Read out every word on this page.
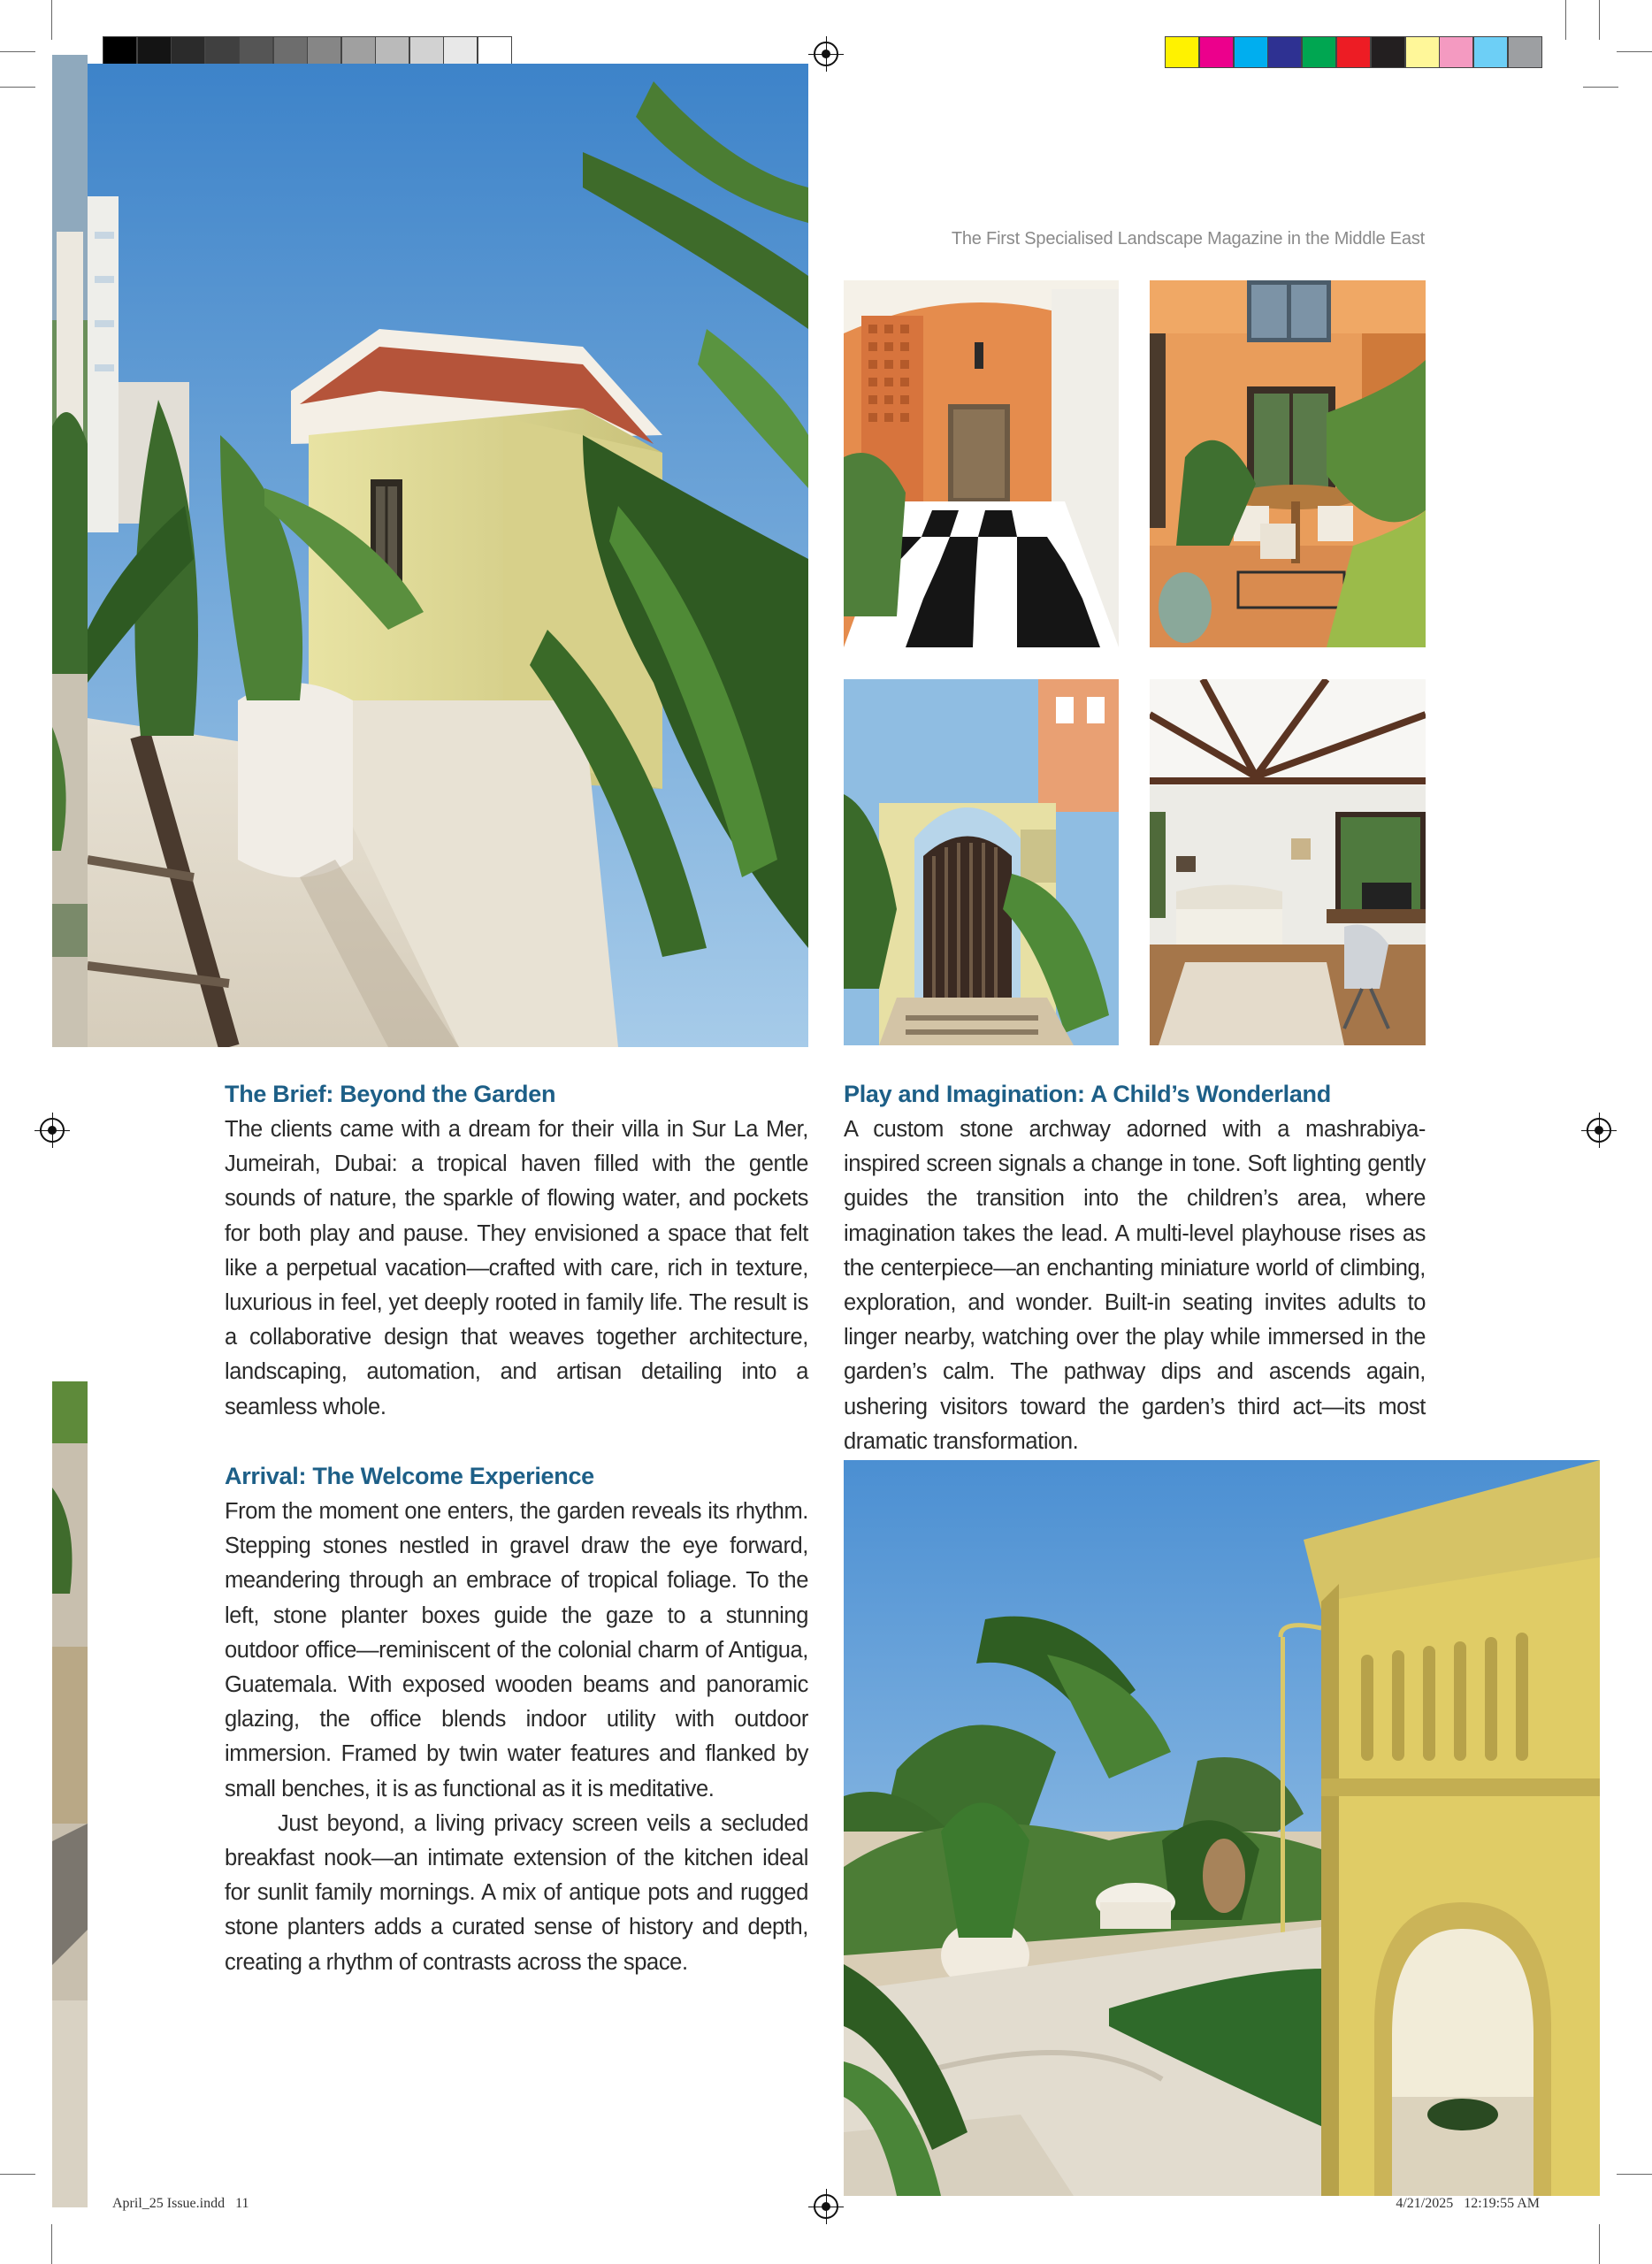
The First Specialised Landscape Magazine in the Middle East
The Brief: Beyond the Garden

The clients came with a dream for their villa in Sur La Mer, Jumeirah, Dubai: a tropical haven filled with the gentle sounds of nature, the sparkle of flowing water, and pockets for both play and pause. They envisioned a space that felt like a perpetual vacation—crafted with care, rich in texture, luxurious in feel, yet deeply rooted in family life. The result is a collaborative design that weaves together architecture, landscaping, automation, and artisan detailing into a seamless whole.

Arrival: The Welcome Experience

From the moment one enters, the garden reveals its rhythm. Stepping stones nestled in gravel draw the eye forward, meandering through an embrace of tropical foliage. To the left, stone planter boxes guide the gaze to a stunning outdoor office—reminiscent of the colonial charm of Antigua, Guatemala. With exposed wooden beams and panoramic glazing, the office blends indoor utility with outdoor immersion. Framed by twin water features and flanked by small benches, it is as functional as it is meditative.

Just beyond, a living privacy screen veils a secluded breakfast nook—an intimate extension of the kitchen ideal for sunlit family mornings. A mix of antique pots and rugged stone planters adds a curated sense of history and depth, creating a rhythm of contrasts across the space.

Play and Imagination: A Child’s Wonderland

A custom stone archway adorned with a mashrabiya-inspired screen signals a change in tone. Soft lighting gently guides the transition into the children’s area, where imagination takes the lead. A multi-level playhouse rises as the centerpiece—an enchanting miniature world of climbing, exploration, and wonder. Built-in seating invites adults to linger nearby, watching over the play while immersed in the garden’s calm. The pathway dips and ascends again, ushering visitors toward the garden’s third act—its most dramatic transformation.

April_25 Issue.indd   11	4/21/2025   12:19:55 AM
